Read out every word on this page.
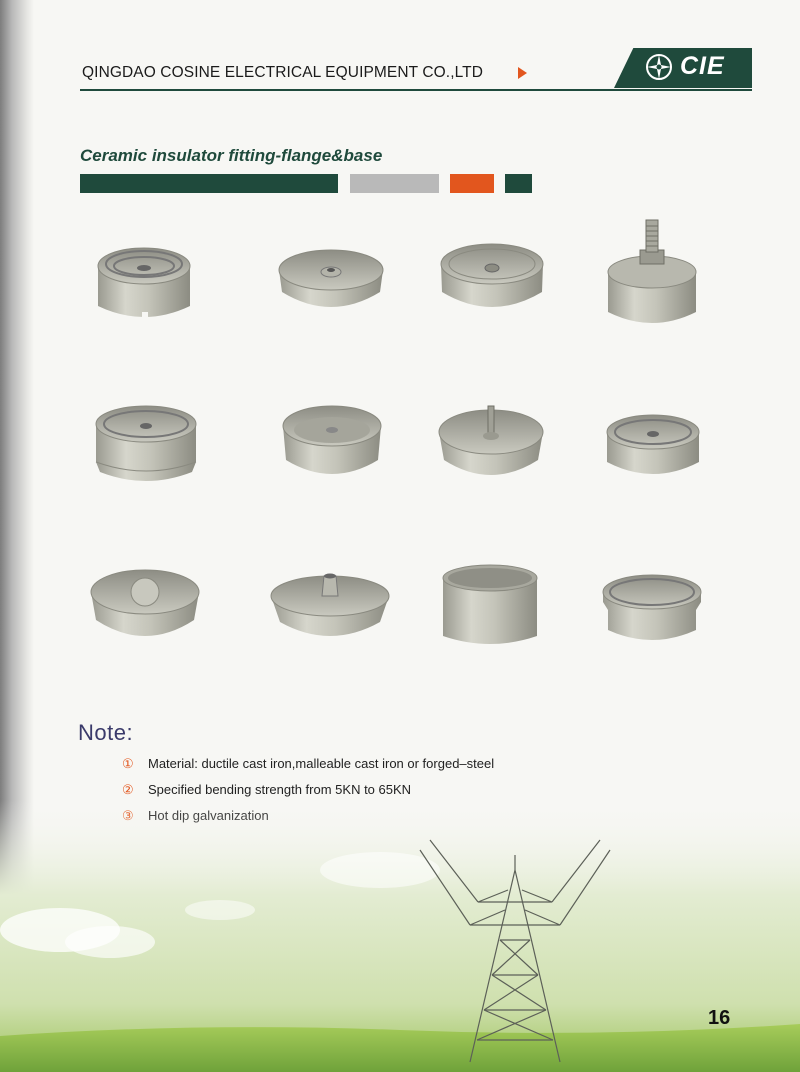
QINGDAO COSINE ELECTRICAL EQUIPMENT CO.,LTD	CIE
Ceramic insulator fitting-flange&base
Note:
① Material: ductile cast iron,malleable cast iron or forged–steel
② Specified bending strength from 5KN to 65KN
16
